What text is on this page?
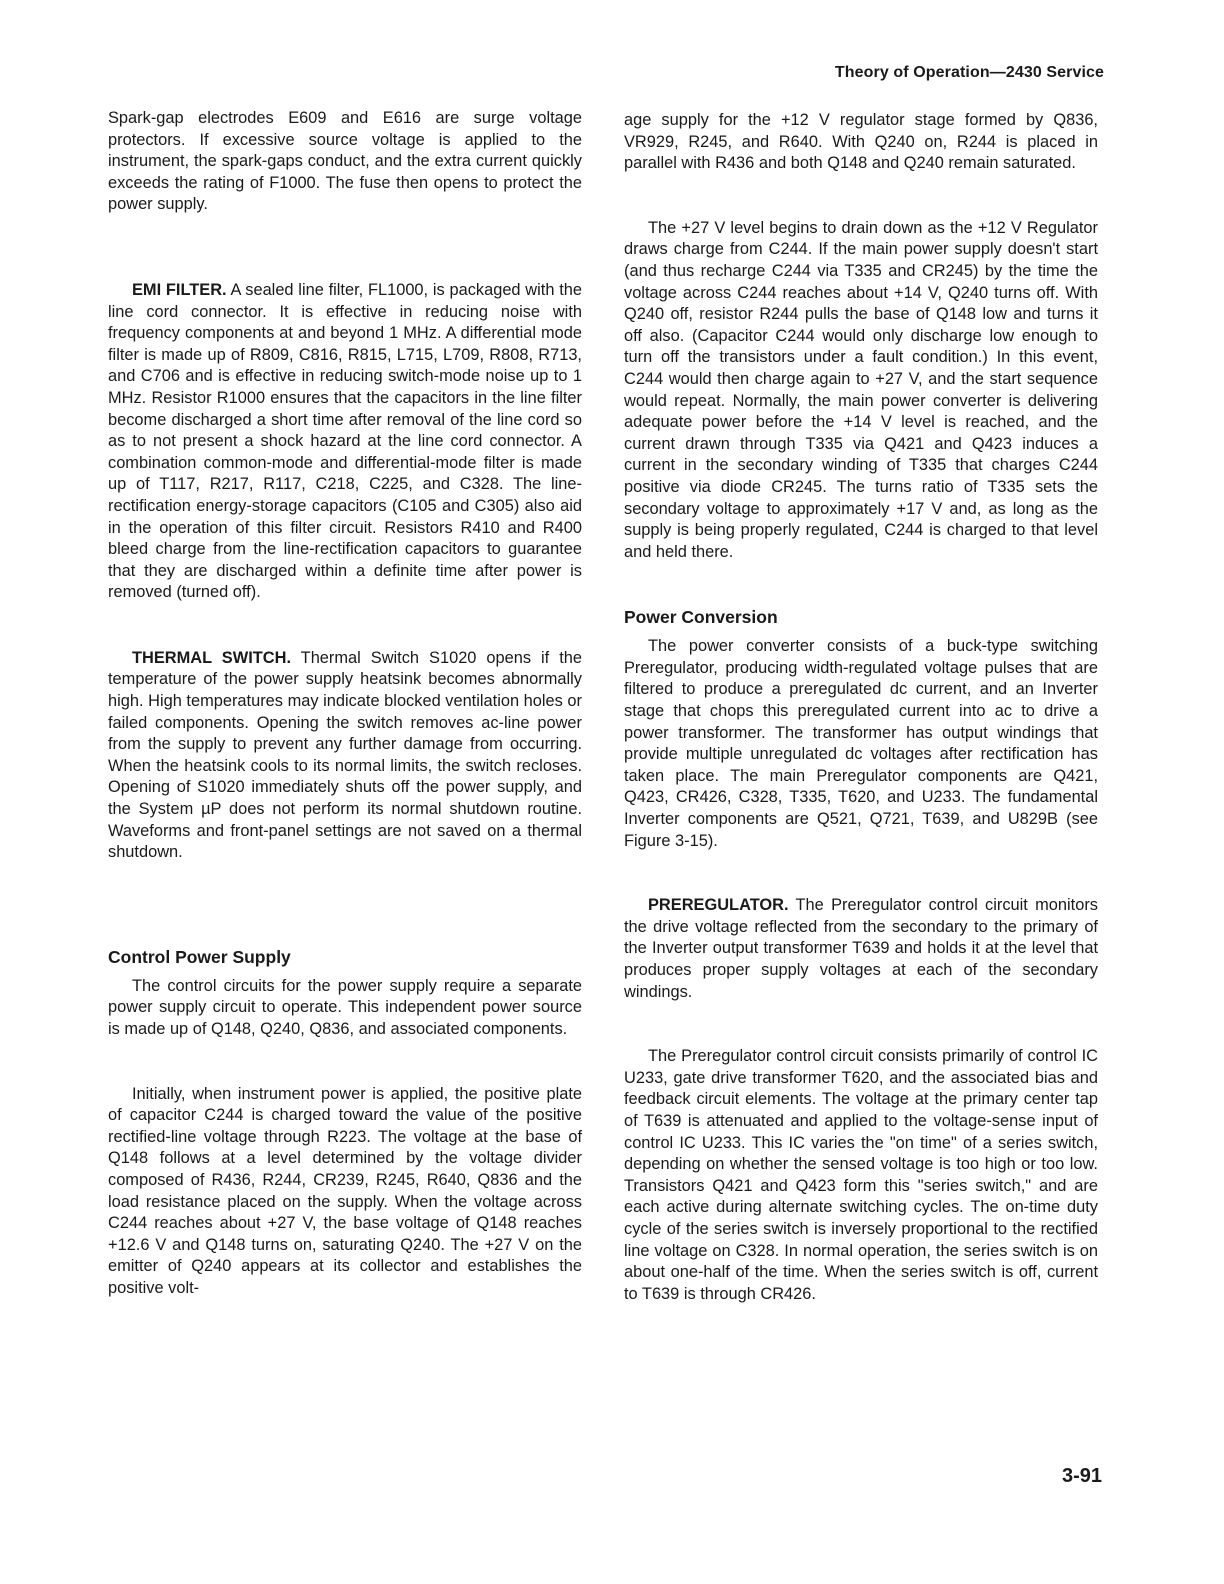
Theory of Operation—2430 Service

Spark-gap electrodes E609 and E616 are surge voltage protectors. If excessive source voltage is applied to the instrument, the spark-gaps conduct, and the extra current quickly exceeds the rating of F1000. The fuse then opens to protect the power supply.

EMI FILTER. A sealed line filter, FL1000, is packaged with the line cord connector. It is effective in reducing noise with frequency components at and beyond 1 MHz. A differential mode filter is made up of R809, C816, R815, L715, L709, R808, R713, and C706 and is effective in reducing switch-mode noise up to 1 MHz. Resistor R1000 ensures that the capacitors in the line filter become discharged a short time after removal of the line cord so as to not present a shock hazard at the line cord connector. A combination common-mode and differential-mode filter is made up of T117, R217, R117, C218, C225, and C328. The line-rectification energy-storage capacitors (C105 and C305) also aid in the operation of this filter circuit. Resistors R410 and R400 bleed charge from the line-rectification capacitors to guarantee that they are discharged within a definite time after power is removed (turned off).

THERMAL SWITCH. Thermal Switch S1020 opens if the temperature of the power supply heatsink becomes abnormally high. High temperatures may indicate blocked ventilation holes or failed components. Opening the switch removes ac-line power from the supply to prevent any further damage from occurring. When the heatsink cools to its normal limits, the switch recloses. Opening of S1020 immediately shuts off the power supply, and the System µP does not perform its normal shutdown routine. Waveforms and front-panel settings are not saved on a thermal shutdown.

Control Power Supply

The control circuits for the power supply require a separate power supply circuit to operate. This independent power source is made up of Q148, Q240, Q836, and associated components.

Initially, when instrument power is applied, the positive plate of capacitor C244 is charged toward the value of the positive rectified-line voltage through R223. The voltage at the base of Q148 follows at a level determined by the voltage divider composed of R436, R244, CR239, R245, R640, Q836 and the load resistance placed on the supply. When the voltage across C244 reaches about +27 V, the base voltage of Q148 reaches +12.6 V and Q148 turns on, saturating Q240. The +27 V on the emitter of Q240 appears at its collector and establishes the positive volt-

age supply for the +12 V regulator stage formed by Q836, VR929, R245, and R640. With Q240 on, R244 is placed in parallel with R436 and both Q148 and Q240 remain saturated.

The +27 V level begins to drain down as the +12 V Regulator draws charge from C244. If the main power supply doesn't start (and thus recharge C244 via T335 and CR245) by the time the voltage across C244 reaches about +14 V, Q240 turns off. With Q240 off, resistor R244 pulls the base of Q148 low and turns it off also. (Capacitor C244 would only discharge low enough to turn off the transistors under a fault condition.) In this event, C244 would then charge again to +27 V, and the start sequence would repeat. Normally, the main power converter is delivering adequate power before the +14 V level is reached, and the current drawn through T335 via Q421 and Q423 induces a current in the secondary winding of T335 that charges C244 positive via diode CR245. The turns ratio of T335 sets the secondary voltage to approximately +17 V and, as long as the supply is being properly regulated, C244 is charged to that level and held there.

Power Conversion

The power converter consists of a buck-type switching Preregulator, producing width-regulated voltage pulses that are filtered to produce a preregulated dc current, and an Inverter stage that chops this preregulated current into ac to drive a power transformer. The transformer has output windings that provide multiple unregulated dc voltages after rectification has taken place. The main Preregulator components are Q421, Q423, CR426, C328, T335, T620, and U233. The fundamental Inverter components are Q521, Q721, T639, and U829B (see Figure 3-15).

PREREGULATOR. The Preregulator control circuit monitors the drive voltage reflected from the secondary to the primary of the Inverter output transformer T639 and holds it at the level that produces proper supply voltages at each of the secondary windings.

The Preregulator control circuit consists primarily of control IC U233, gate drive transformer T620, and the associated bias and feedback circuit elements. The voltage at the primary center tap of T639 is attenuated and applied to the voltage-sense input of control IC U233. This IC varies the "on time" of a series switch, depending on whether the sensed voltage is too high or too low. Transistors Q421 and Q423 form this "series switch," and are each active during alternate switching cycles. The on-time duty cycle of the series switch is inversely proportional to the rectified line voltage on C328. In normal operation, the series switch is on about one-half of the time. When the series switch is off, current to T639 is through CR426.

3-91
